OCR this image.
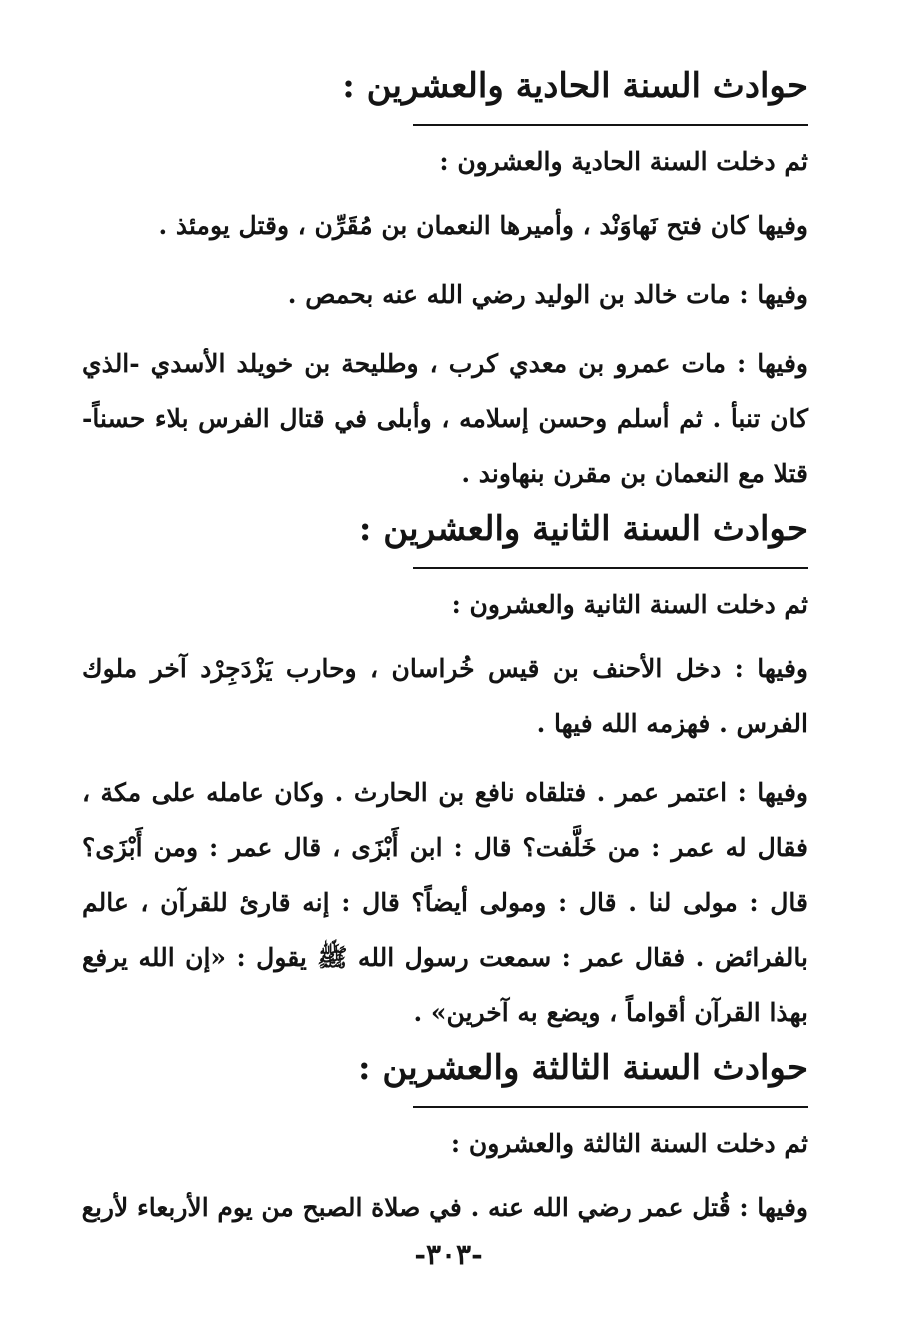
حوادث السنة الحادية والعشرين :
ثم دخلت السنة الحادية والعشرون :

وفيها كان فتح نَهاوَنْد ، وأميرها النعمان بن مُقَرِّن ، وقتل يومئذ .

وفيها : مات خالد بن الوليد رضي الله عنه بحمص .

وفيها : مات عمرو بن معدي كرب ، وطليحة بن خويلد الأسدي -الذي كان تنبأ . ثم أسلم وحسن إسلامه ، وأبلى في قتال الفرس بلاء حسناً- قتلا مع النعمان بن مقرن بنهاوند .

حوادث السنة الثانية والعشرين :
ثم دخلت السنة الثانية والعشرون :

وفيها : دخل الأحنف بن قيس خُراسان ، وحارب يَزْدَجِرْد آخر ملوك الفرس . فهزمه الله فيها .

وفيها : اعتمر عمر . فتلقاه نافع بن الحارث . وكان عامله على مكة ، فقال له عمر : من خَلَّفت؟ قال : ابن أَبْزَى ، قال عمر : ومن أَبْزَى؟ قال : مولى لنا . قال : ومولى أيضاً؟ قال : إنه قارئ للقرآن ، عالم بالفرائض . فقال عمر : سمعت رسول الله ﷺ يقول : «إن الله يرفع بهذا القرآن أقواماً ، ويضع به آخرين» .

حوادث السنة الثالثة والعشرين :
ثم دخلت السنة الثالثة والعشرون :

وفيها : قُتل عمر رضي الله عنه . في صلاة الصبح من يوم الأربعاء لأربع

-٣٠٣-
